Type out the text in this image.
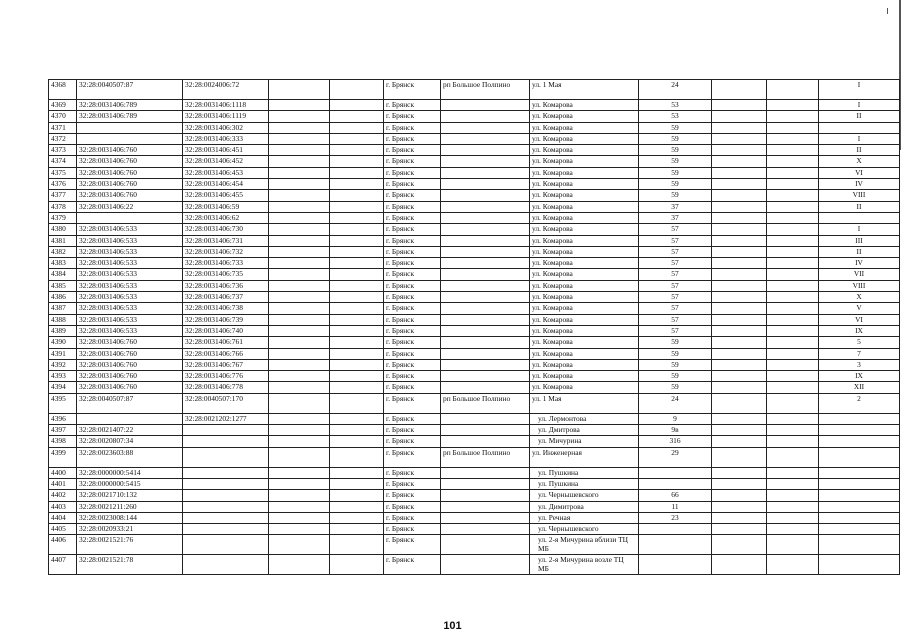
4368	32:28:0040507:87	32:28:0024006:72			г. Брянск	рп Большое Полпино	ул. 1 Мая	24			I
4369	32:28:0031406:789	32:28:0031406:1118			г. Брянск		ул. Комарова	53			I
4370	32:28:0031406:789	32:28:0031406:1119			г. Брянск		ул. Комарова	53			II
4371		32:28:0031406:302			г. Брянск		ул. Комарова	59			
4372		32:28:0031406:333			г. Брянск		ул. Комарова	59			I
4373	32:28:0031406:760	32:28:0031406:451			г. Брянск		ул. Комарова	59			II
4374	32:28:0031406:760	32:28:0031406:452			г. Брянск		ул. Комарова	59			X
4375	32:28:0031406:760	32:28:0031406:453			г. Брянск		ул. Комарова	59			VI
4376	32:28:0031406:760	32:28:0031406:454			г. Брянск		ул. Комарова	59			IV
4377	32:28:0031406:760	32:28:0031406:455			г. Брянск		ул. Комарова	59			VIII
4378	32:28:0031406:22	32:28:0031406:59			г. Брянск		ул. Комарова	37			II
4379		32:28:0031406:62			г. Брянск		ул. Комарова	37			
4380	32:28:0031406:533	32:28:0031406:730			г. Брянск		ул. Комарова	57			I
4381	32:28:0031406:533	32:28:0031406:731			г. Брянск		ул. Комарова	57			III
4382	32:28:0031406:533	32:28:0031406:732			г. Брянск		ул. Комарова	57			II
4383	32:28:0031406:533	32:28:0031406:733			г. Брянск		ул. Комарова	57			IV
4384	32:28:0031406:533	32:28:0031406:735			г. Брянск		ул. Комарова	57			VII
4385	32:28:0031406:533	32:28:0031406:736			г. Брянск		ул. Комарова	57			VIII
4386	32:28:0031406:533	32:28:0031406:737			г. Брянск		ул. Комарова	57			X
4387	32:28:0031406:533	32:28:0031406:738			г. Брянск		ул. Комарова	57			V
4388	32:28:0031406:533	32:28:0031406:739			г. Брянск		ул. Комарова	57			VI
4389	32:28:0031406:533	32:28:0031406:740			г. Брянск		ул. Комарова	57			IX
4390	32:28:0031406:760	32:28:0031406:761			г. Брянск		ул. Комарова	59			5
4391	32:28:0031406:760	32:28:0031406:766			г. Брянск		ул. Комарова	59			7
4392	32:28:0031406:760	32:28:0031406:767			г. Брянск		ул. Комарова	59			3
4393	32:28:0031406:760	32:28:0031406:776			г. Брянск		ул. Комарова	59			IX
4394	32:28:0031406:760	32:28:0031406:778			г. Брянск		ул. Комарова	59			XII
4395	32:28:0040507:87	32:28:0040507:170			г. Брянск	рп Большое Полпино	ул. 1 Мая	24			2
4396		32:28:0021202:1277			г. Брянск		ул. Лермонтова	9			
4397	32:28:0021407:22				г. Брянск		ул. Дмитрова	9в			
4398	32:28:0020807:34				г. Брянск		ул. Мичурина	316			
4399	32:28:0023603:88				г. Брянск	рп Большое Полпино	ул. Инженерная	29			
4400	32:28:0000000:5414				г. Брянск		ул. Пушкина				
4401	32:28:0000000:5415				г. Брянск		ул. Пушкина				
4402	32:28:0021710:132				г. Брянск		ул. Чернышевского	66			
4403	32:28:0021211:260				г. Брянск		ул. Димитрова	11			
4404	32:28:0023008:144				г. Брянск		ул. Речная	23			
4405	32:28:0020933:21				г. Брянск		ул. Чернышевского				
4406	32:28:0021521:76				г. Брянск		ул. 2-я Мичурина вблизи ТЦ МБ				
4407	32:28:0021521:78				г. Брянск		ул. 2-я Мичурина возле ТЦ МБ				
101
